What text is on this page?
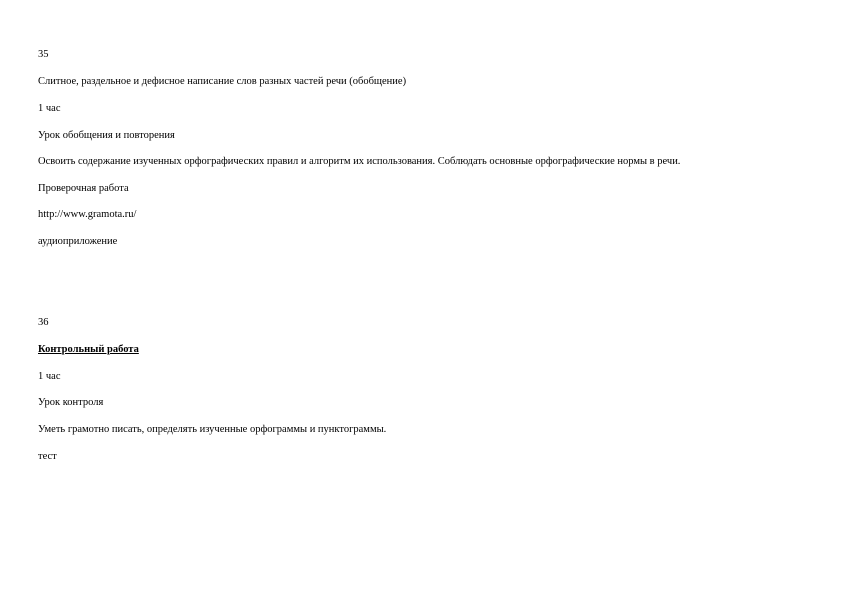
35
Слитное, раздельное и дефисное написание слов разных частей речи (обобщение)
1 час
Урок обобщения и повторения
Освоить содержание изученных орфографических правил и алгоритм их использования. Соблюдать основные орфографические нормы в речи.
Проверочная работа
http://www.gramota.ru/
аудиоприложение
36
Контрольный работа
1 час
Урок контроля
Уметь грамотно писать, определять изученные орфограммы и пунктограммы.
тест
